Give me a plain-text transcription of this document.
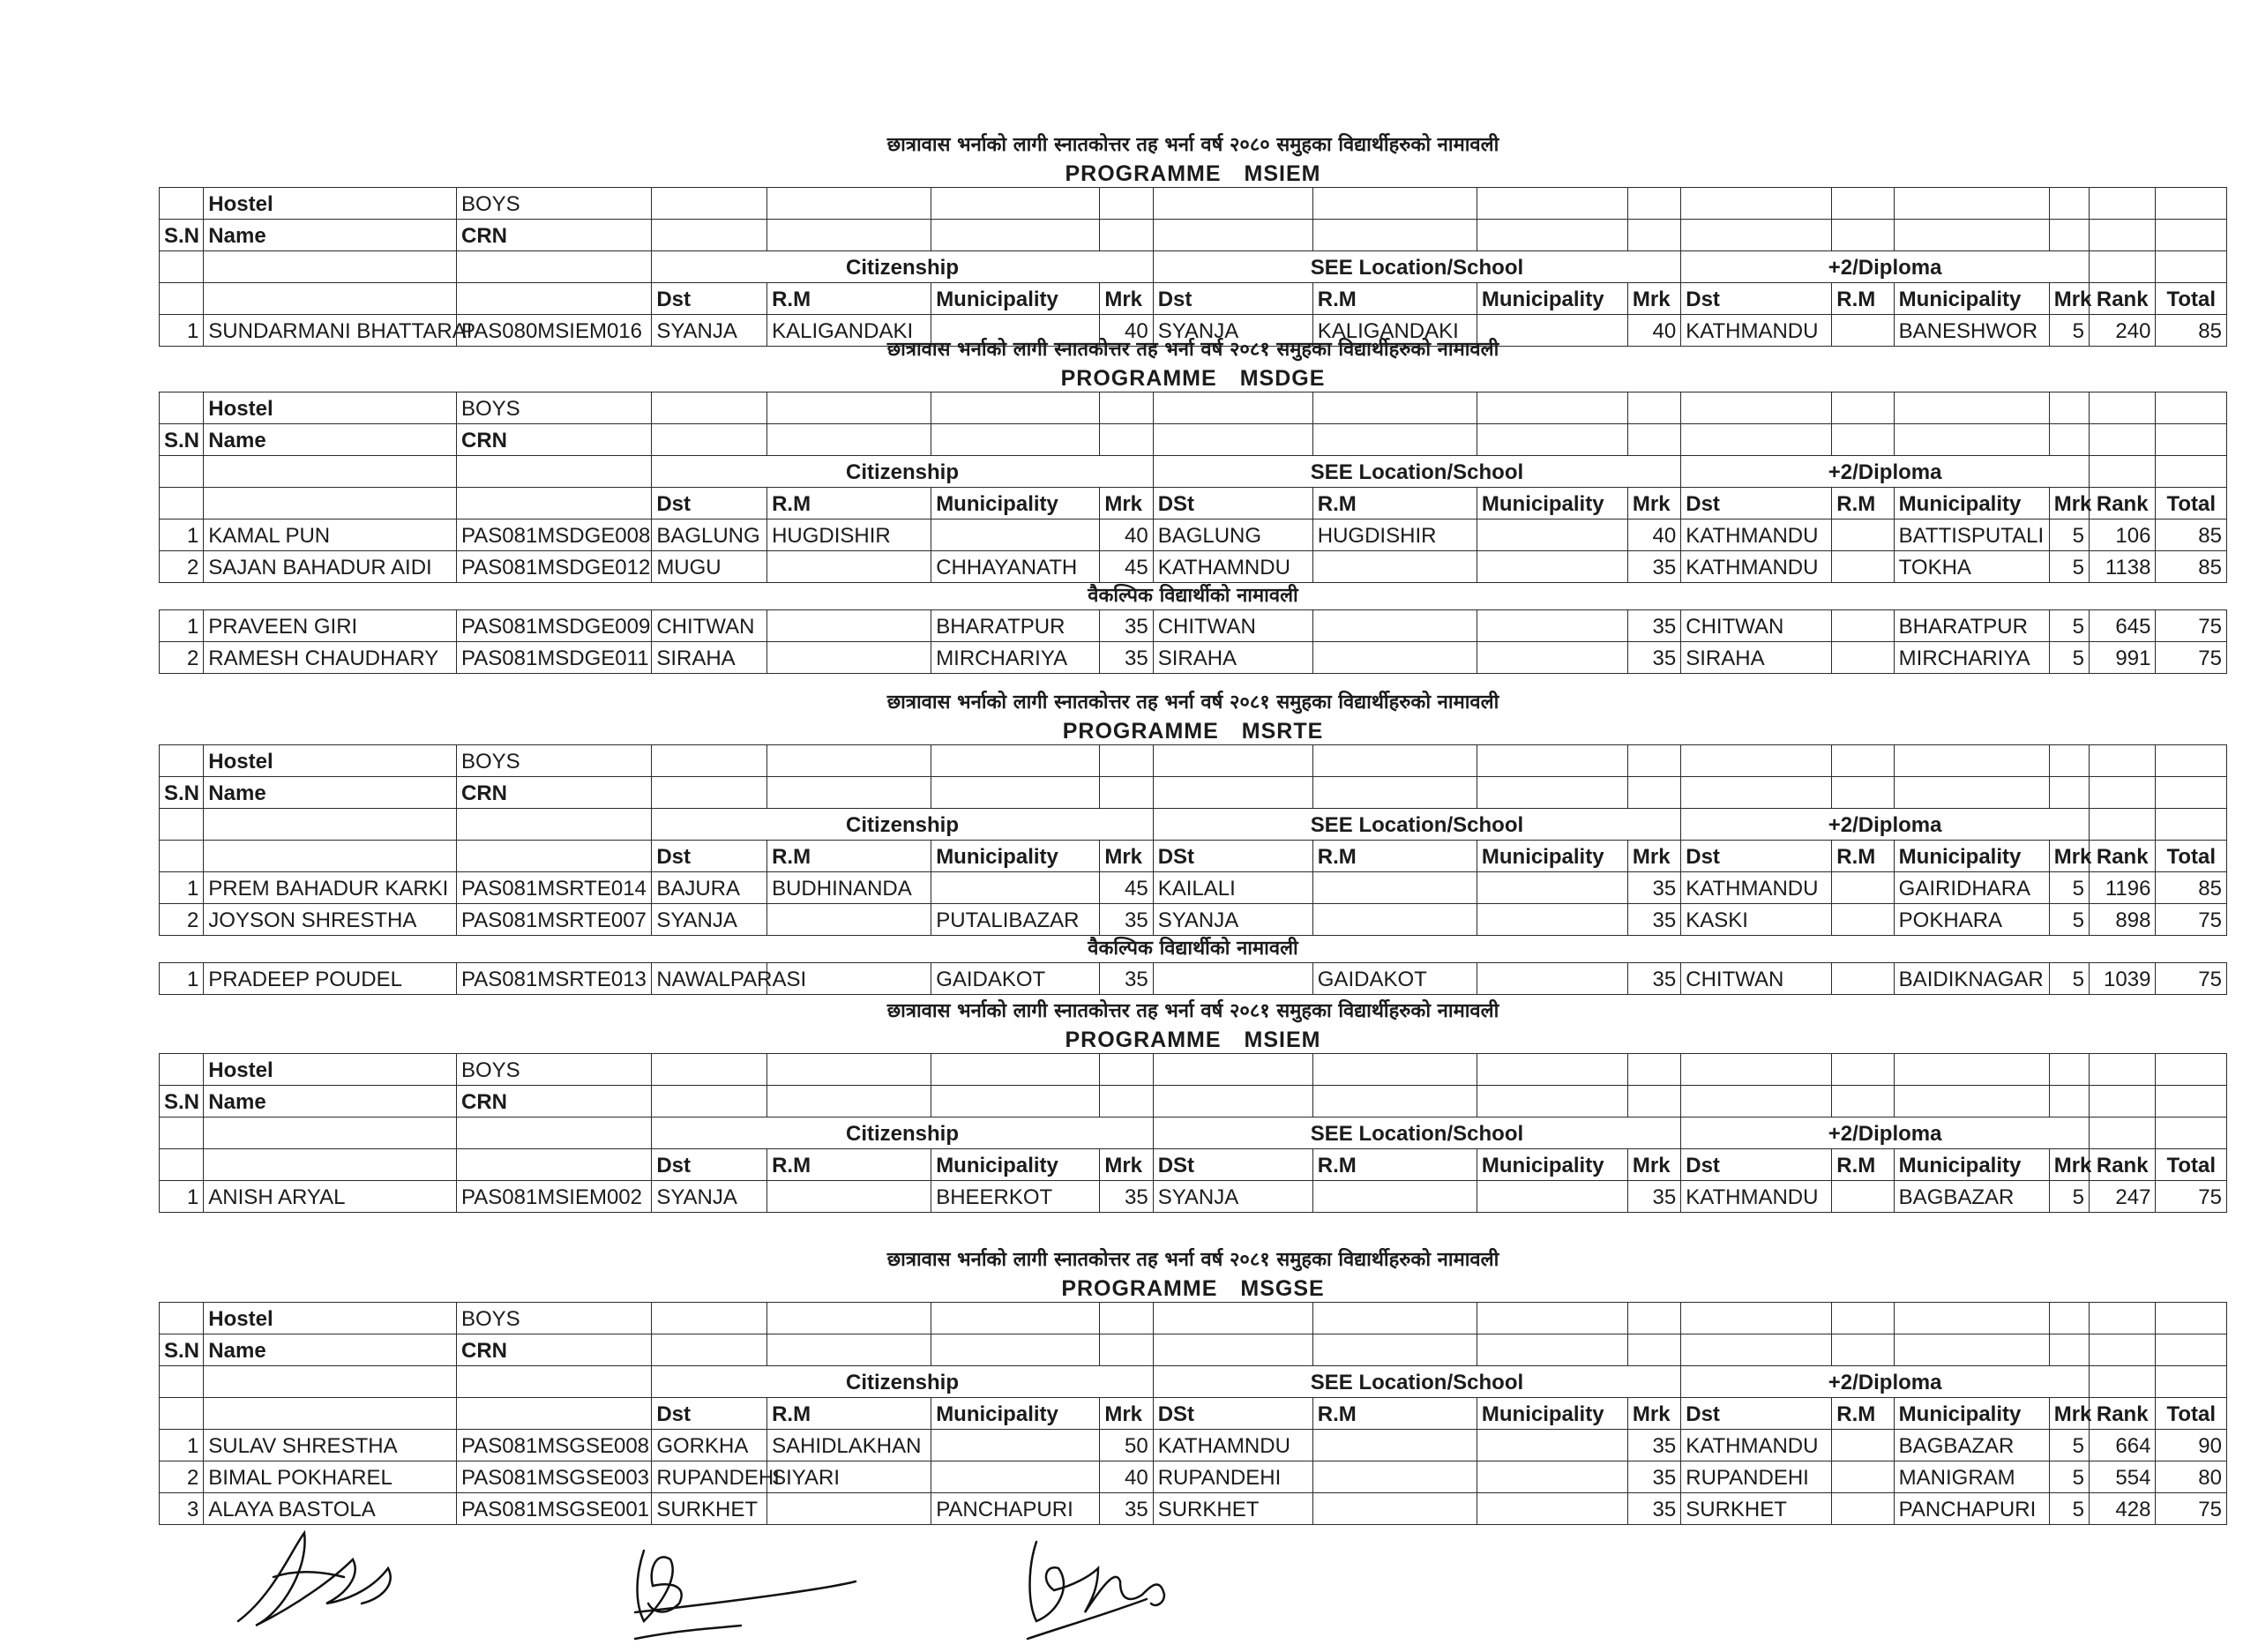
छात्रावास भर्नाको लागी स्नातकोत्तर तह भर्ना वर्ष २०८० समुहका विद्यार्थीहरुको नामावली
PROGRAMME MSIEM
	Hostel	BOYS														
S.N	Name	CRN														
			Citizenship				SEE Location/School				+2/Diploma					
			Dst	R.M	Municipality	Mrk	Dst	R.M	Municipality	Mrk	Dst	R.M	Municipality	Mrk	Rank	Total
1	SUNDARMANI BHATTARAI	PAS080MSIEM016	SYANJA	KALIGANDAKI		40	SYANJA	KALIGANDAKI		40	KATHMANDU		BANESHWOR	5	240	85
छात्रावास भर्नाको लागी स्नातकोत्तर तह भर्ना वर्ष २०८१ समुहका विद्यार्थीहरुको नामावली
PROGRAMME MSDGE
	Hostel	BOYS														
S.N	Name	CRN														
			Citizenship				SEE Location/School				+2/Diploma					
			Dst	R.M	Municipality	Mrk	DSt	R.M	Municipality	Mrk	Dst	R.M	Municipality	Mrk	Rank	Total
1	KAMAL PUN	PAS081MSDGE008	BAGLUNG	HUGDISHIR		40	BAGLUNG	HUGDISHIR		40	KATHMANDU		BATTISPUTALI	5	106	85
2	SAJAN BAHADUR AIDI	PAS081MSDGE012	MUGU		CHHAYANATH	45	KATHAMNDU			35	KATHMANDU		TOKHA	5	1138	85
वैकल्पिक विद्यार्थीको नामावली
1	PRAVEEN GIRI	PAS081MSDGE009	CHITWAN		BHARATPUR	35	CHITWAN			35	CHITWAN		BHARATPUR	5	645	75
2	RAMESH CHAUDHARY	PAS081MSDGE011	SIRAHA		MIRCHARIYA	35	SIRAHA			35	SIRAHA		MIRCHARIYA	5	991	75
छात्रावास भर्नाको लागी स्नातकोत्तर तह भर्ना वर्ष २०८१ समुहका विद्यार्थीहरुको नामावली
PROGRAMME MSRTE
	Hostel	BOYS														
S.N	Name	CRN														
			Citizenship				SEE Location/School				+2/Diploma					
			Dst	R.M	Municipality	Mrk	DSt	R.M	Municipality	Mrk	Dst	R.M	Municipality	Mrk	Rank	Total
1	PREM BAHADUR KARKI	PAS081MSRTE014	BAJURA	BUDHINANDA		45	KAILALI			35	KATHMANDU		GAIRIDHARA	5	1196	85
2	JOYSON SHRESTHA	PAS081MSRTE007	SYANJA		PUTALIBAZAR	35	SYANJA			35	KASKI		POKHARA	5	898	75
वैकल्पिक विद्यार्थीको नामावली
1	PRADEEP POUDEL	PAS081MSRTE013	NAWALPARASI		GAIDAKOT	35		GAIDAKOT		35	CHITWAN		BAIDIKNAGAR	5	1039	75
छात्रावास भर्नाको लागी स्नातकोत्तर तह भर्ना वर्ष २०८१ समुहका विद्यार्थीहरुको नामावली
PROGRAMME MSIEM
	Hostel	BOYS														
S.N	Name	CRN														
			Citizenship				SEE Location/School				+2/Diploma					
			Dst	R.M	Municipality	Mrk	DSt	R.M	Municipality	Mrk	Dst	R.M	Municipality	Mrk	Rank	Total
1	ANISH ARYAL	PAS081MSIEM002	SYANJA		BHEERKOT	35	SYANJA			35	KATHMANDU		BAGBAZAR	5	247	75
छात्रावास भर्नाको लागी स्नातकोत्तर तह भर्ना वर्ष २०८१ समुहका विद्यार्थीहरुको नामावली
PROGRAMME MSGSE
	Hostel	BOYS														
S.N	Name	CRN														
			Citizenship				SEE Location/School				+2/Diploma					
			Dst	R.M	Municipality	Mrk	DSt	R.M	Municipality	Mrk	Dst	R.M	Municipality	Mrk	Rank	Total
1	SULAV SHRESTHA	PAS081MSGSE008	GORKHA	SAHIDLAKHAN		50	KATHAMNDU			35	KATHMANDU		BAGBAZAR	5	664	90
2	BIMAL POKHAREL	PAS081MSGSE003	RUPANDEHI	SIYARI		40	RUPANDEHI			35	RUPANDEHI		MANIGRAM	5	554	80
3	ALAYA BASTOLA	PAS081MSGSE001	SURKHET		PANCHAPURI	35	SURKHET			35	SURKHET		PANCHAPURI	5	428	75
